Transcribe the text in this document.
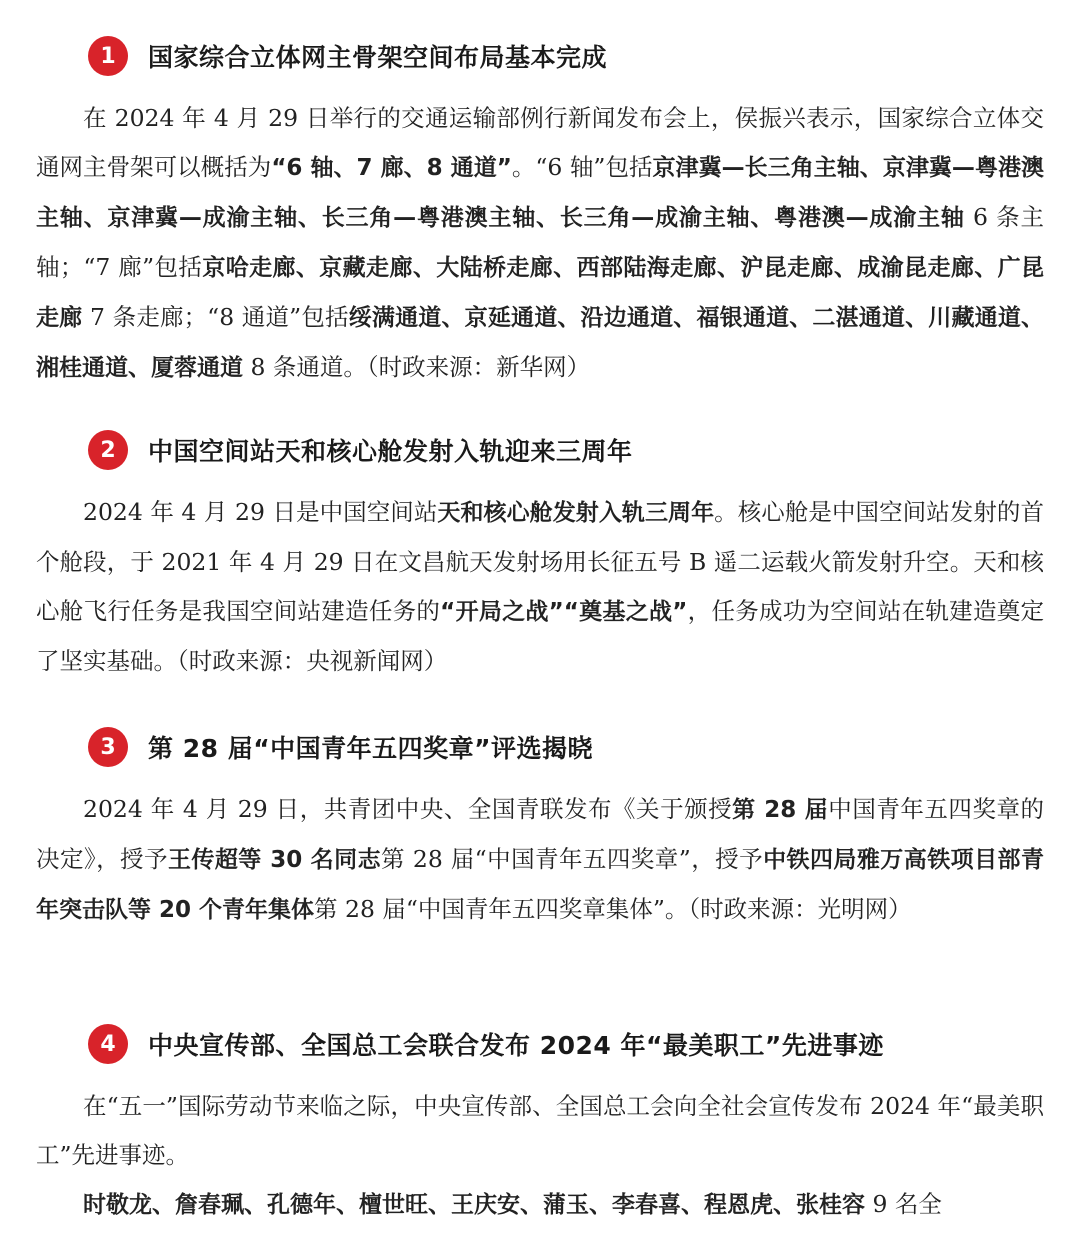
1	国家综合立体网主骨架空间布局基本完成

在 2024 年 4 月 29 日举行的交通运输部例行新闻发布会上，侯振兴表示，国家综合立体交通网主骨架可以概括为“6 轴、7 廊、8 通道”。“6 轴”包括京津冀—长三角主轴、京津冀—粤港澳主轴、京津冀—成渝主轴、长三角—粤港澳主轴、长三角—成渝主轴、粤港澳—成渝主轴 6 条主轴；“7 廊”包括京哈走廊、京藏走廊、大陆桥走廊、西部陆海走廊、沪昆走廊、成渝昆走廊、广昆走廊 7 条走廊；“8 通道”包括绥满通道、京延通道、沿边通道、福银通道、二湛通道、川藏通道、湘桂通道、厦蓉通道 8 条通道。（时政来源：新华网）

2	中国空间站天和核心舱发射入轨迎来三周年

2024 年 4 月 29 日是中国空间站天和核心舱发射入轨三周年。核心舱是中国空间站发射的首个舱段，于 2021 年 4 月 29 日在文昌航天发射场用长征五号 B 遥二运载火箭发射升空。天和核心舱飞行任务是我国空间站建造任务的“开局之战”“奠基之战”，任务成功为空间站在轨建造奠定了坚实基础。（时政来源：央视新闻网）

3	第 28 届“中国青年五四奖章”评选揭晓

2024 年 4 月 29 日，共青团中央、全国青联发布《关于颁授第 28 届中国青年五四奖章的决定》，授予王传超等 30 名同志第 28 届“中国青年五四奖章”，授予中铁四局雅万高铁项目部青年突击队等 20 个青年集体第 28 届“中国青年五四奖章集体”。（时政来源：光明网）

4	中央宣传部、全国总工会联合发布 2024 年“最美职工”先进事迹

在“五一”国际劳动节来临之际，中央宣传部、全国总工会向全社会宣传发布 2024 年“最美职工”先进事迹。

时敬龙、詹春珮、孔德年、檀世旺、王庆安、蒲玉、李春喜、程恩虎、张桂容 9 名全
